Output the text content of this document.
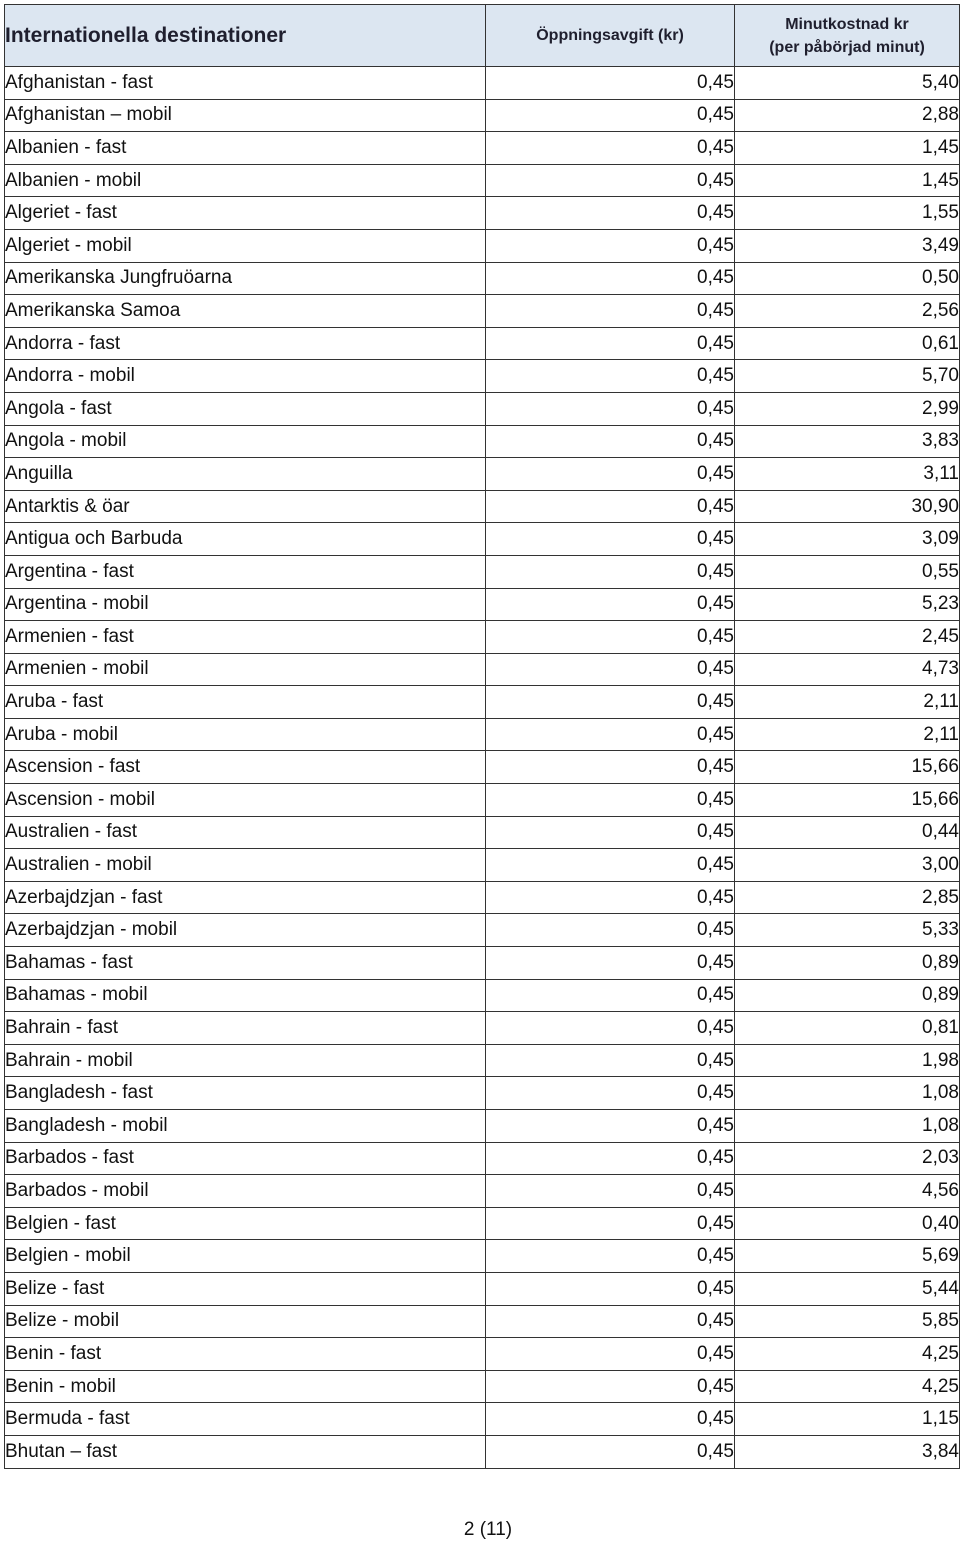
Internationella destinationer	Öppningsavgift (kr)	Minutkostnad kr
(per påbörjad minut)

Afghanistan - fast	0,45	5,40
Afghanistan – mobil	0,45	2,88
Albanien - fast	0,45	1,45
Albanien - mobil	0,45	1,45
Algeriet - fast	0,45	1,55
Algeriet - mobil	0,45	3,49
Amerikanska Jungfruöarna	0,45	0,50
Amerikanska Samoa	0,45	2,56
Andorra - fast	0,45	0,61
Andorra - mobil	0,45	5,70
Angola - fast	0,45	2,99
Angola - mobil	0,45	3,83
Anguilla	0,45	3,11
Antarktis & öar	0,45	30,90
Antigua och Barbuda	0,45	3,09
Argentina - fast	0,45	0,55
Argentina - mobil	0,45	5,23
Armenien - fast	0,45	2,45
Armenien - mobil	0,45	4,73
Aruba - fast	0,45	2,11
Aruba - mobil	0,45	2,11
Ascension - fast	0,45	15,66
Ascension - mobil	0,45	15,66
Australien - fast	0,45	0,44
Australien - mobil	0,45	3,00
Azerbajdzjan - fast	0,45	2,85
Azerbajdzjan - mobil	0,45	5,33
Bahamas - fast	0,45	0,89
Bahamas - mobil	0,45	0,89
Bahrain - fast	0,45	0,81
Bahrain - mobil	0,45	1,98
Bangladesh - fast	0,45	1,08
Bangladesh - mobil	0,45	1,08
Barbados - fast	0,45	2,03
Barbados - mobil	0,45	4,56
Belgien - fast	0,45	0,40
Belgien - mobil	0,45	5,69
Belize - fast	0,45	5,44
Belize - mobil	0,45	5,85
Benin - fast	0,45	4,25
Benin - mobil	0,45	4,25
Bermuda - fast	0,45	1,15
Bhutan – fast	0,45	3,84
2 (11)
